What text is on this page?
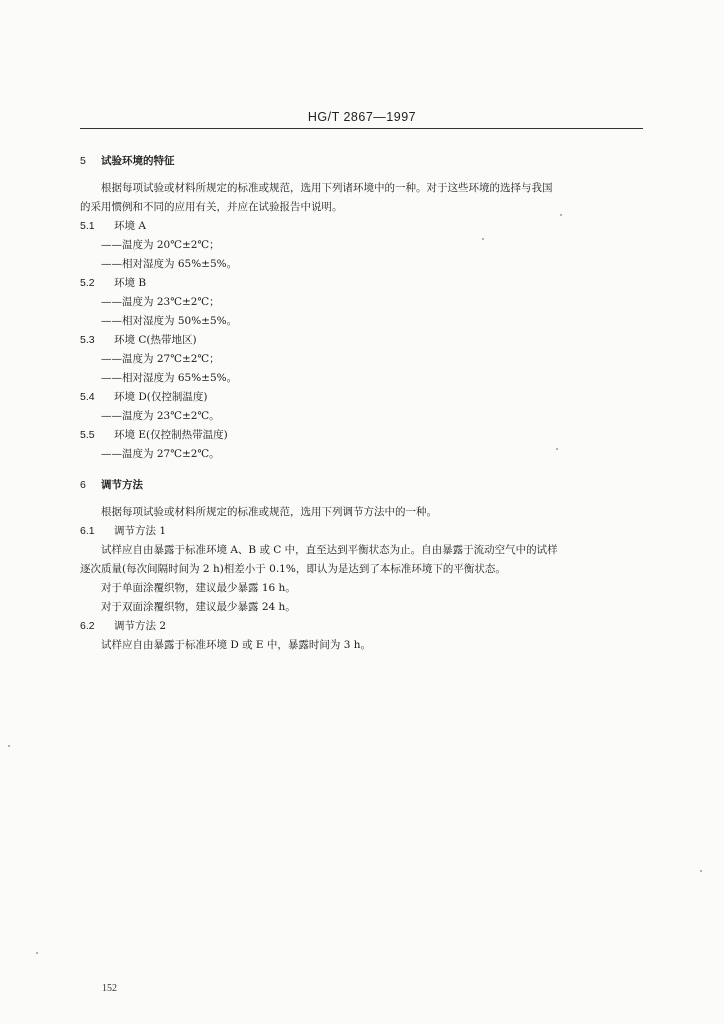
HG/T 2867—1997
5 试验环境的特征
根据每项试验或材料所规定的标准或规范，选用下列诸环境中的一种。对于这些环境的选择与我国
的采用惯例和不同的应用有关，并应在试验报告中说明。
5.1 环境 A
——温度为 20℃±2℃；
——相对湿度为 65%±5%。
5.2 环境 B
——温度为 23℃±2℃；
——相对湿度为 50%±5%。
5.3 环境 C(热带地区)
——温度为 27℃±2℃；
——相对湿度为 65%±5%。
5.4 环境 D(仅控制温度)
——温度为 23℃±2℃。
5.5 环境 E(仅控制热带温度)
——温度为 27℃±2℃。
6 调节方法
根据每项试验或材料所规定的标准或规范，选用下列调节方法中的一种。
6.1 调节方法 1
试样应自由暴露于标准环境 A、B 或 C 中，直至达到平衡状态为止。自由暴露于流动空气中的试样
逐次质量(每次间隔时间为 2 h)相差小于 0.1%，即认为是达到了本标准环境下的平衡状态。
对于单面涂覆织物，建议最少暴露 16 h。
对于双面涂覆织物，建议最少暴露 24 h。
6.2 调节方法 2
试样应自由暴露于标准环境 D 或 E 中，暴露时间为 3 h。
152
